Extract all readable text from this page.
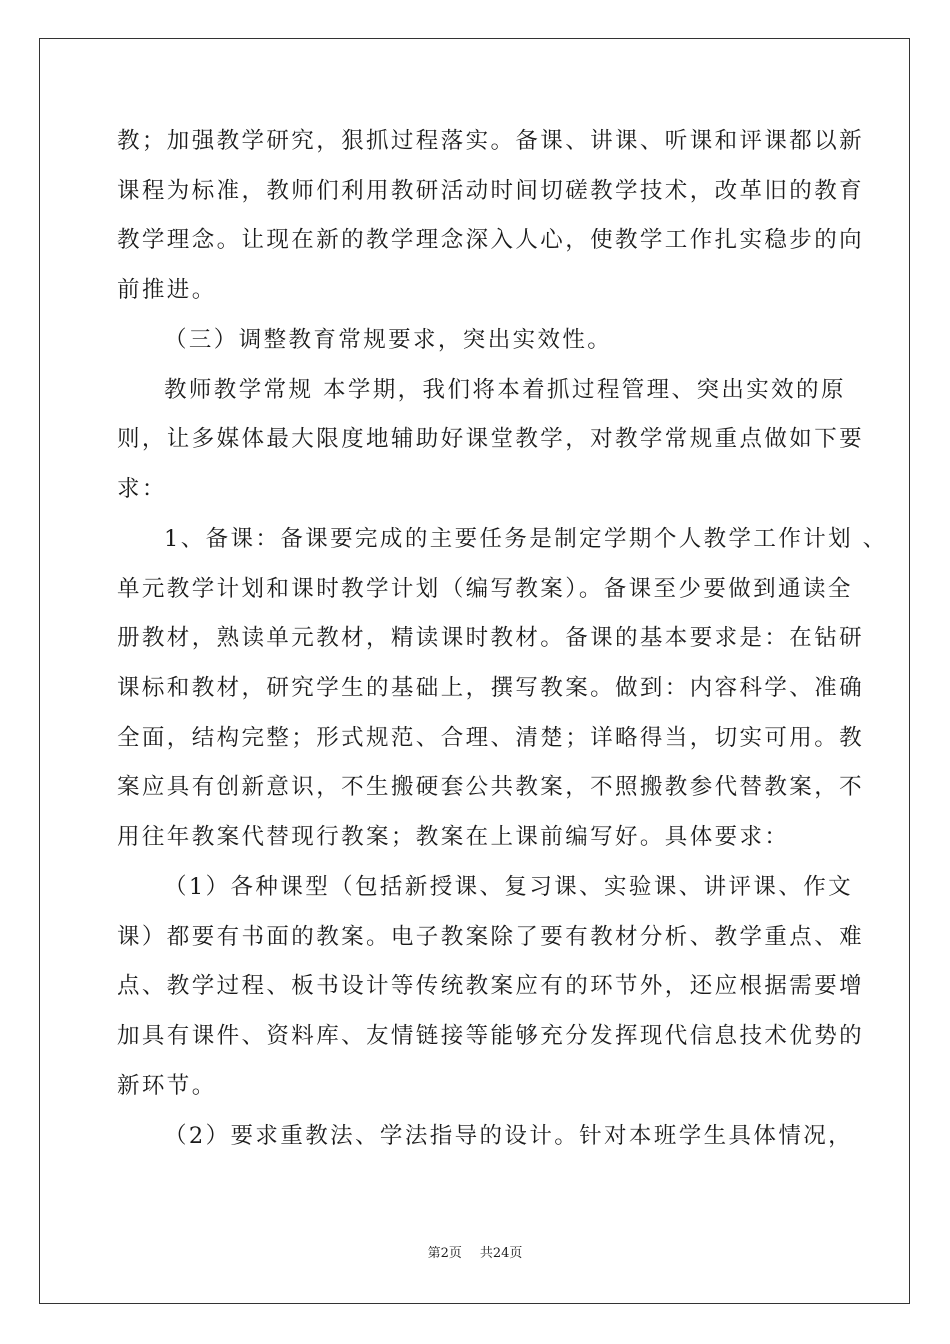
教；加强教学研究，狠抓过程落实。备课、讲课、听课和评课都以新
课程为标准，教师们利用教研活动时间切磋教学技术，改革旧的教育
教学理念。让现在新的教学理念深入人心，使教学工作扎实稳步的向
前推进。
（三）调整教育常规要求，突出实效性。
教师教学常规 本学期，我们将本着抓过程管理、突出实效的原
则，让多媒体最大限度地辅助好课堂教学，对教学常规重点做如下要
求：
1、备课：备课要完成的主要任务是制定学期个人教学工作计划 、
单元教学计划和课时教学计划（编写教案）。备课至少要做到通读全
册教材，熟读单元教材，精读课时教材。备课的基本要求是：在钻研
课标和教材，研究学生的基础上，撰写教案。做到：内容科学、准确
全面，结构完整；形式规范、合理、清楚；详略得当，切实可用。教
案应具有创新意识，不生搬硬套公共教案，不照搬教参代替教案，不
用往年教案代替现行教案；教案在上课前编写好。具体要求：
（1）各种课型（包括新授课、复习课、实验课、讲评课、作文
课）都要有书面的教案。电子教案除了要有教材分析、教学重点、难
点、教学过程、板书设计等传统教案应有的环节外，还应根据需要增
加具有课件、资料库、友情链接等能够充分发挥现代信息技术优势的
新环节。
（2）要求重教法、学法指导的设计。针对本班学生具体情况，
第2页 共24页
